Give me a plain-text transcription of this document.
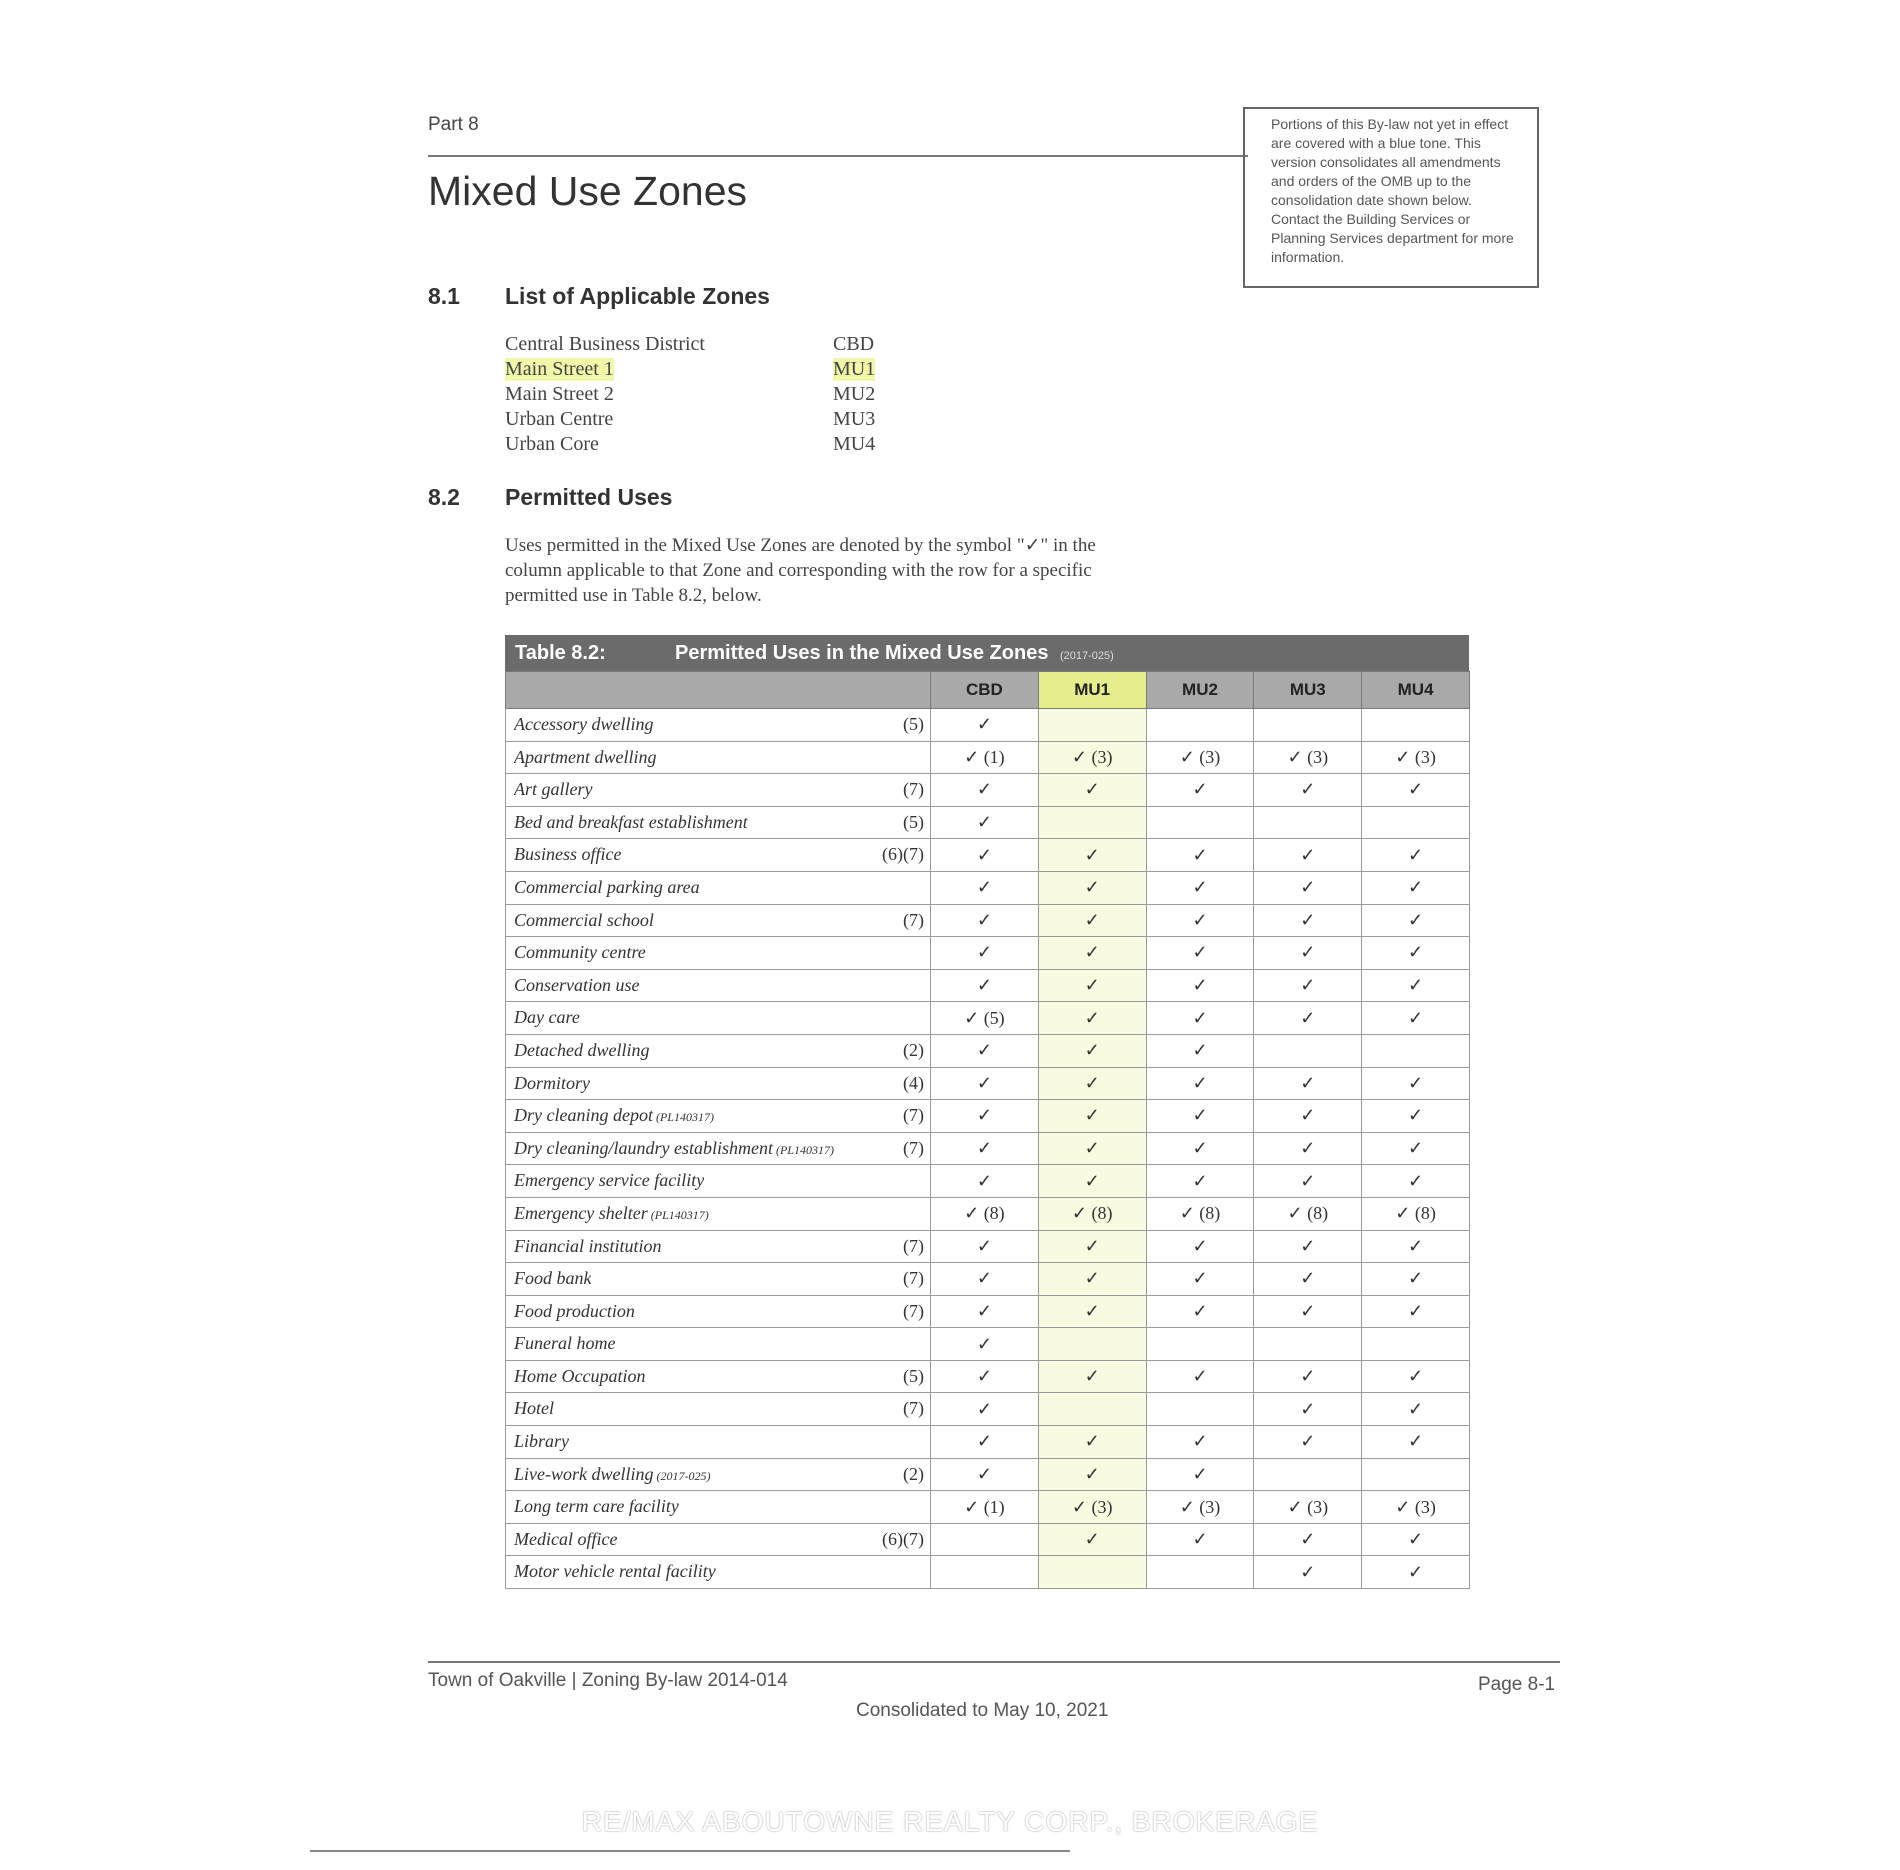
Part 8
Mixed Use Zones
Portions of this By-law not yet in effect are covered with a blue tone. This version consolidates all amendments and orders of the OMB up to the consolidation date shown below. Contact the Building Services or Planning Services department for more information.
8.1 List of Applicable Zones
Central Business District	CBD
Main Street 1	MU1
Main Street 2	MU2
Urban Centre	MU3
Urban Core	MU4
8.2 Permitted Uses
Uses permitted in the Mixed Use Zones are denoted by the symbol "✓" in the column applicable to that Zone and corresponding with the row for a specific permitted use in Table 8.2, below.
Table 8.2:	Permitted Uses in the Mixed Use Zones (2017-025)
	CBD	MU1	MU2	MU3	MU4

Accessory dwelling (5)	✓				

Apartment dwelling	✓ (1)	✓ (3)	✓ (3)	✓ (3)	✓ (3)

Art gallery (7)	✓	✓	✓	✓	✓

Bed and breakfast establishment (5)	✓				

Business office (6)(7)	✓	✓	✓	✓	✓

Commercial parking area	✓	✓	✓	✓	✓

Commercial school (7)	✓	✓	✓	✓	✓

Community centre	✓	✓	✓	✓	✓

Conservation use	✓	✓	✓	✓	✓

Day care	✓ (5)	✓	✓	✓	✓

Detached dwelling (2)	✓	✓	✓		

Dormitory (4)	✓	✓	✓	✓	✓

Dry cleaning depot (PL140317) (7)	✓	✓	✓	✓	✓

Dry cleaning/laundry establishment (PL140317) (7)	✓	✓	✓	✓	✓

Emergency service facility	✓	✓	✓	✓	✓

Emergency shelter (PL140317)	✓ (8)	✓ (8)	✓ (8)	✓ (8)	✓ (8)

Financial institution (7)	✓	✓	✓	✓	✓

Food bank (7)	✓	✓	✓	✓	✓

Food production (7)	✓	✓	✓	✓	✓

Funeral home	✓				

Home Occupation (5)	✓	✓	✓	✓	✓

Hotel (7)	✓			✓	✓

Library	✓	✓	✓	✓	✓

Live-work dwelling (2017-025) (2)	✓	✓	✓		

Long term care facility	✓ (1)	✓ (3)	✓ (3)	✓ (3)	✓ (3)

Medical office (6)(7)		✓	✓	✓	✓

Motor vehicle rental facility				✓	✓
Town of Oakville | Zoning By-law 2014-014	Page 8-1
Consolidated to May 10, 2021
RE/MAX ABOUTOWNE REALTY CORP., BROKERAGE
